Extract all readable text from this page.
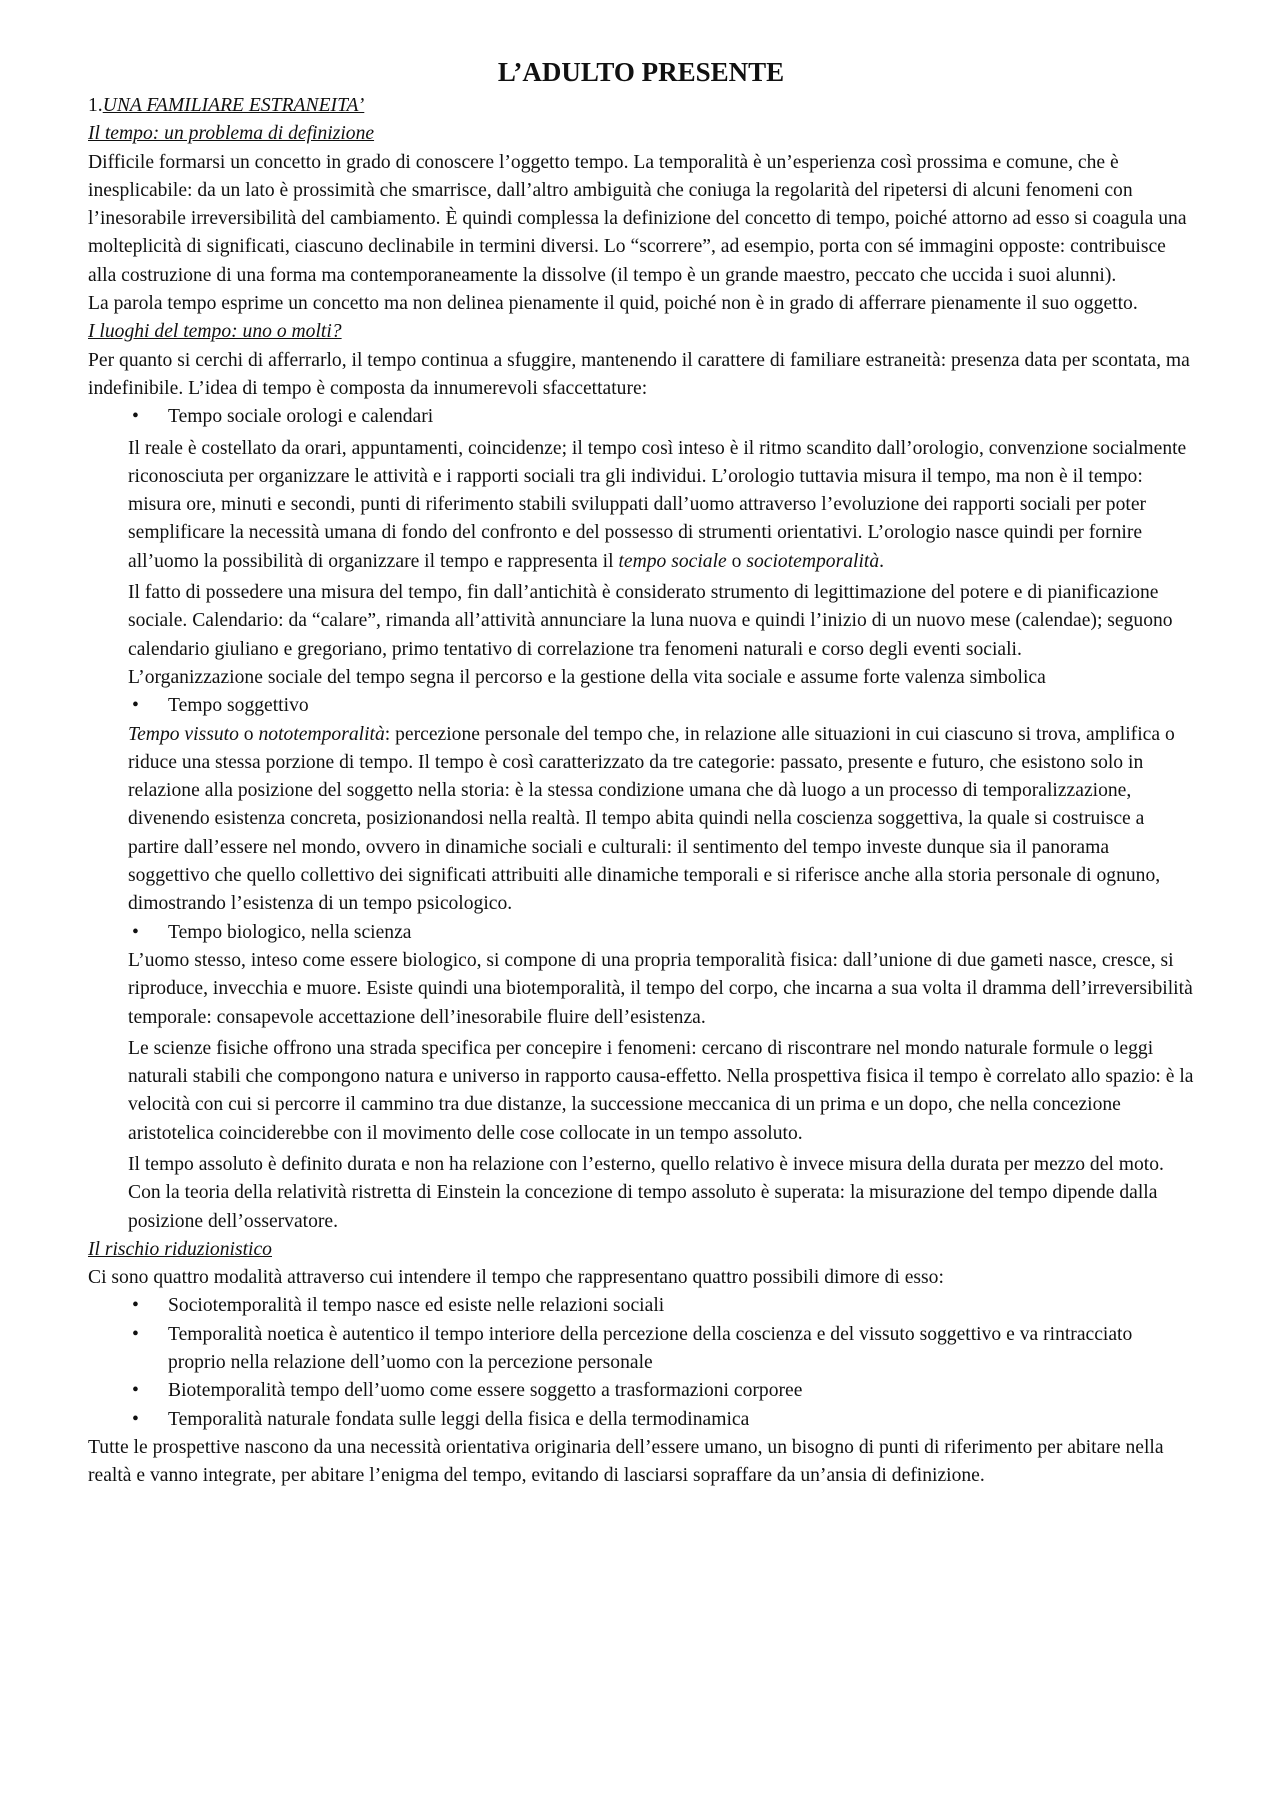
L’ADULTO PRESENTE

1.UNA FAMILIARE ESTRANEITA’

Il tempo: un problema di definizione

Difficile formarsi un concetto in grado di conoscere l’oggetto tempo. La temporalità è un’esperienza così prossima e comune, che è inesplicabile: da un lato è prossimità che smarrisce, dall’altro ambiguità che coniuga la regolarità del ripetersi di alcuni fenomeni con l’inesorabile irreversibilità del cambiamento. È quindi complessa la definizione del concetto di tempo, poiché attorno ad esso si coagula una molteplicità di significati, ciascuno declinabile in termini diversi. Lo “scorrere”, ad esempio, porta con sé immagini opposte: contribuisce alla costruzione di una forma ma contemporaneamente la dissolve (il tempo è un grande maestro, peccato che uccida i suoi alunni).

La parola tempo esprime un concetto ma non delinea pienamente il quid, poiché non è in grado di afferrare pienamente il suo oggetto.

I luoghi del tempo: uno o molti?

Per quanto si cerchi di afferrarlo, il tempo continua a sfuggire, mantenendo il carattere di familiare estraneità: presenza data per scontata, ma indefinibile. L’idea di tempo è composta da innumerevoli sfaccettature:

• Tempo sociale orologi e calendari

Il reale è costellato da orari, appuntamenti, coincidenze; il tempo così inteso è il ritmo scandito dall’orologio, convenzione socialmente riconosciuta per organizzare le attività e i rapporti sociali tra gli individui. L’orologio tuttavia misura il tempo, ma non è il tempo: misura ore, minuti e secondi, punti di riferimento stabili sviluppati dall’uomo attraverso l’evoluzione dei rapporti sociali per poter semplificare la necessità umana di fondo del confronto e del possesso di strumenti orientativi. L’orologio nasce quindi per fornire all’uomo la possibilità di organizzare il tempo e rappresenta il tempo sociale o sociotemporalità.

Il fatto di possedere una misura del tempo, fin dall’antichità è considerato strumento di legittimazione del potere e di pianificazione sociale. Calendario: da “calare”, rimanda all’attività annunciare la luna nuova e quindi l’inizio di un nuovo mese (calendae); seguono calendario giuliano e gregoriano, primo tentativo di correlazione tra fenomeni naturali e corso degli eventi sociali.

L’organizzazione sociale del tempo segna il percorso e la gestione della vita sociale e assume forte valenza simbolica

• Tempo soggettivo

Tempo vissuto o nototemporalità: percezione personale del tempo che, in relazione alle situazioni in cui ciascuno si trova, amplifica o riduce una stessa porzione di tempo. Il tempo è così caratterizzato da tre categorie: passato, presente e futuro, che esistono solo in relazione alla posizione del soggetto nella storia: è la stessa condizione umana che dà luogo a un processo di temporalizzazione, divenendo esistenza concreta, posizionandosi nella realtà. Il tempo abita quindi nella coscienza soggettiva, la quale si costruisce a partire dall’essere nel mondo, ovvero in dinamiche sociali e culturali: il sentimento del tempo investe dunque sia il panorama soggettivo che quello collettivo dei significati attribuiti alle dinamiche temporali e si riferisce anche alla storia personale di ognuno, dimostrando l’esistenza di un tempo psicologico.

• Tempo biologico, nella scienza

L’uomo stesso, inteso come essere biologico, si compone di una propria temporalità fisica: dall’unione di due gameti nasce, cresce, si riproduce, invecchia e muore. Esiste quindi una biotemporalità, il tempo del corpo, che incarna a sua volta il dramma dell’irreversibilità temporale: consapevole accettazione dell’inesorabile fluire dell’esistenza.

Le scienze fisiche offrono una strada specifica per concepire i fenomeni: cercano di riscontrare nel mondo naturale formule o leggi naturali stabili che compongono natura e universo in rapporto causa-effetto. Nella prospettiva fisica il tempo è correlato allo spazio: è la velocità con cui si percorre il cammino tra due distanze, la successione meccanica di un prima e un dopo, che nella concezione aristotelica coinciderebbe con il movimento delle cose collocate in un tempo assoluto.

Il tempo assoluto è definito durata e non ha relazione con l’esterno, quello relativo è invece misura della durata per mezzo del moto. Con la teoria della relatività ristretta di Einstein la concezione di tempo assoluto è superata: la misurazione del tempo dipende dalla posizione dell’osservatore.

Il rischio riduzionistico

Ci sono quattro modalità attraverso cui intendere il tempo che rappresentano quattro possibili dimore di esso:

• Sociotemporalità il tempo nasce ed esiste nelle relazioni sociali
• Temporalità noetica è autentico il tempo interiore della percezione della coscienza e del vissuto soggettivo e va rintracciato proprio nella relazione dell’uomo con la percezione personale
• Biotemporalità tempo dell’uomo come essere soggetto a trasformazioni corporee
• Temporalità naturale fondata sulle leggi della fisica e della termodinamica

Tutte le prospettive nascono da una necessità orientativa originaria dell’essere umano, un bisogno di punti di riferimento per abitare nella realtà e vanno integrate, per abitare l’enigma del tempo, evitando di lasciarsi sopraffare da un’ansia di definizione.
